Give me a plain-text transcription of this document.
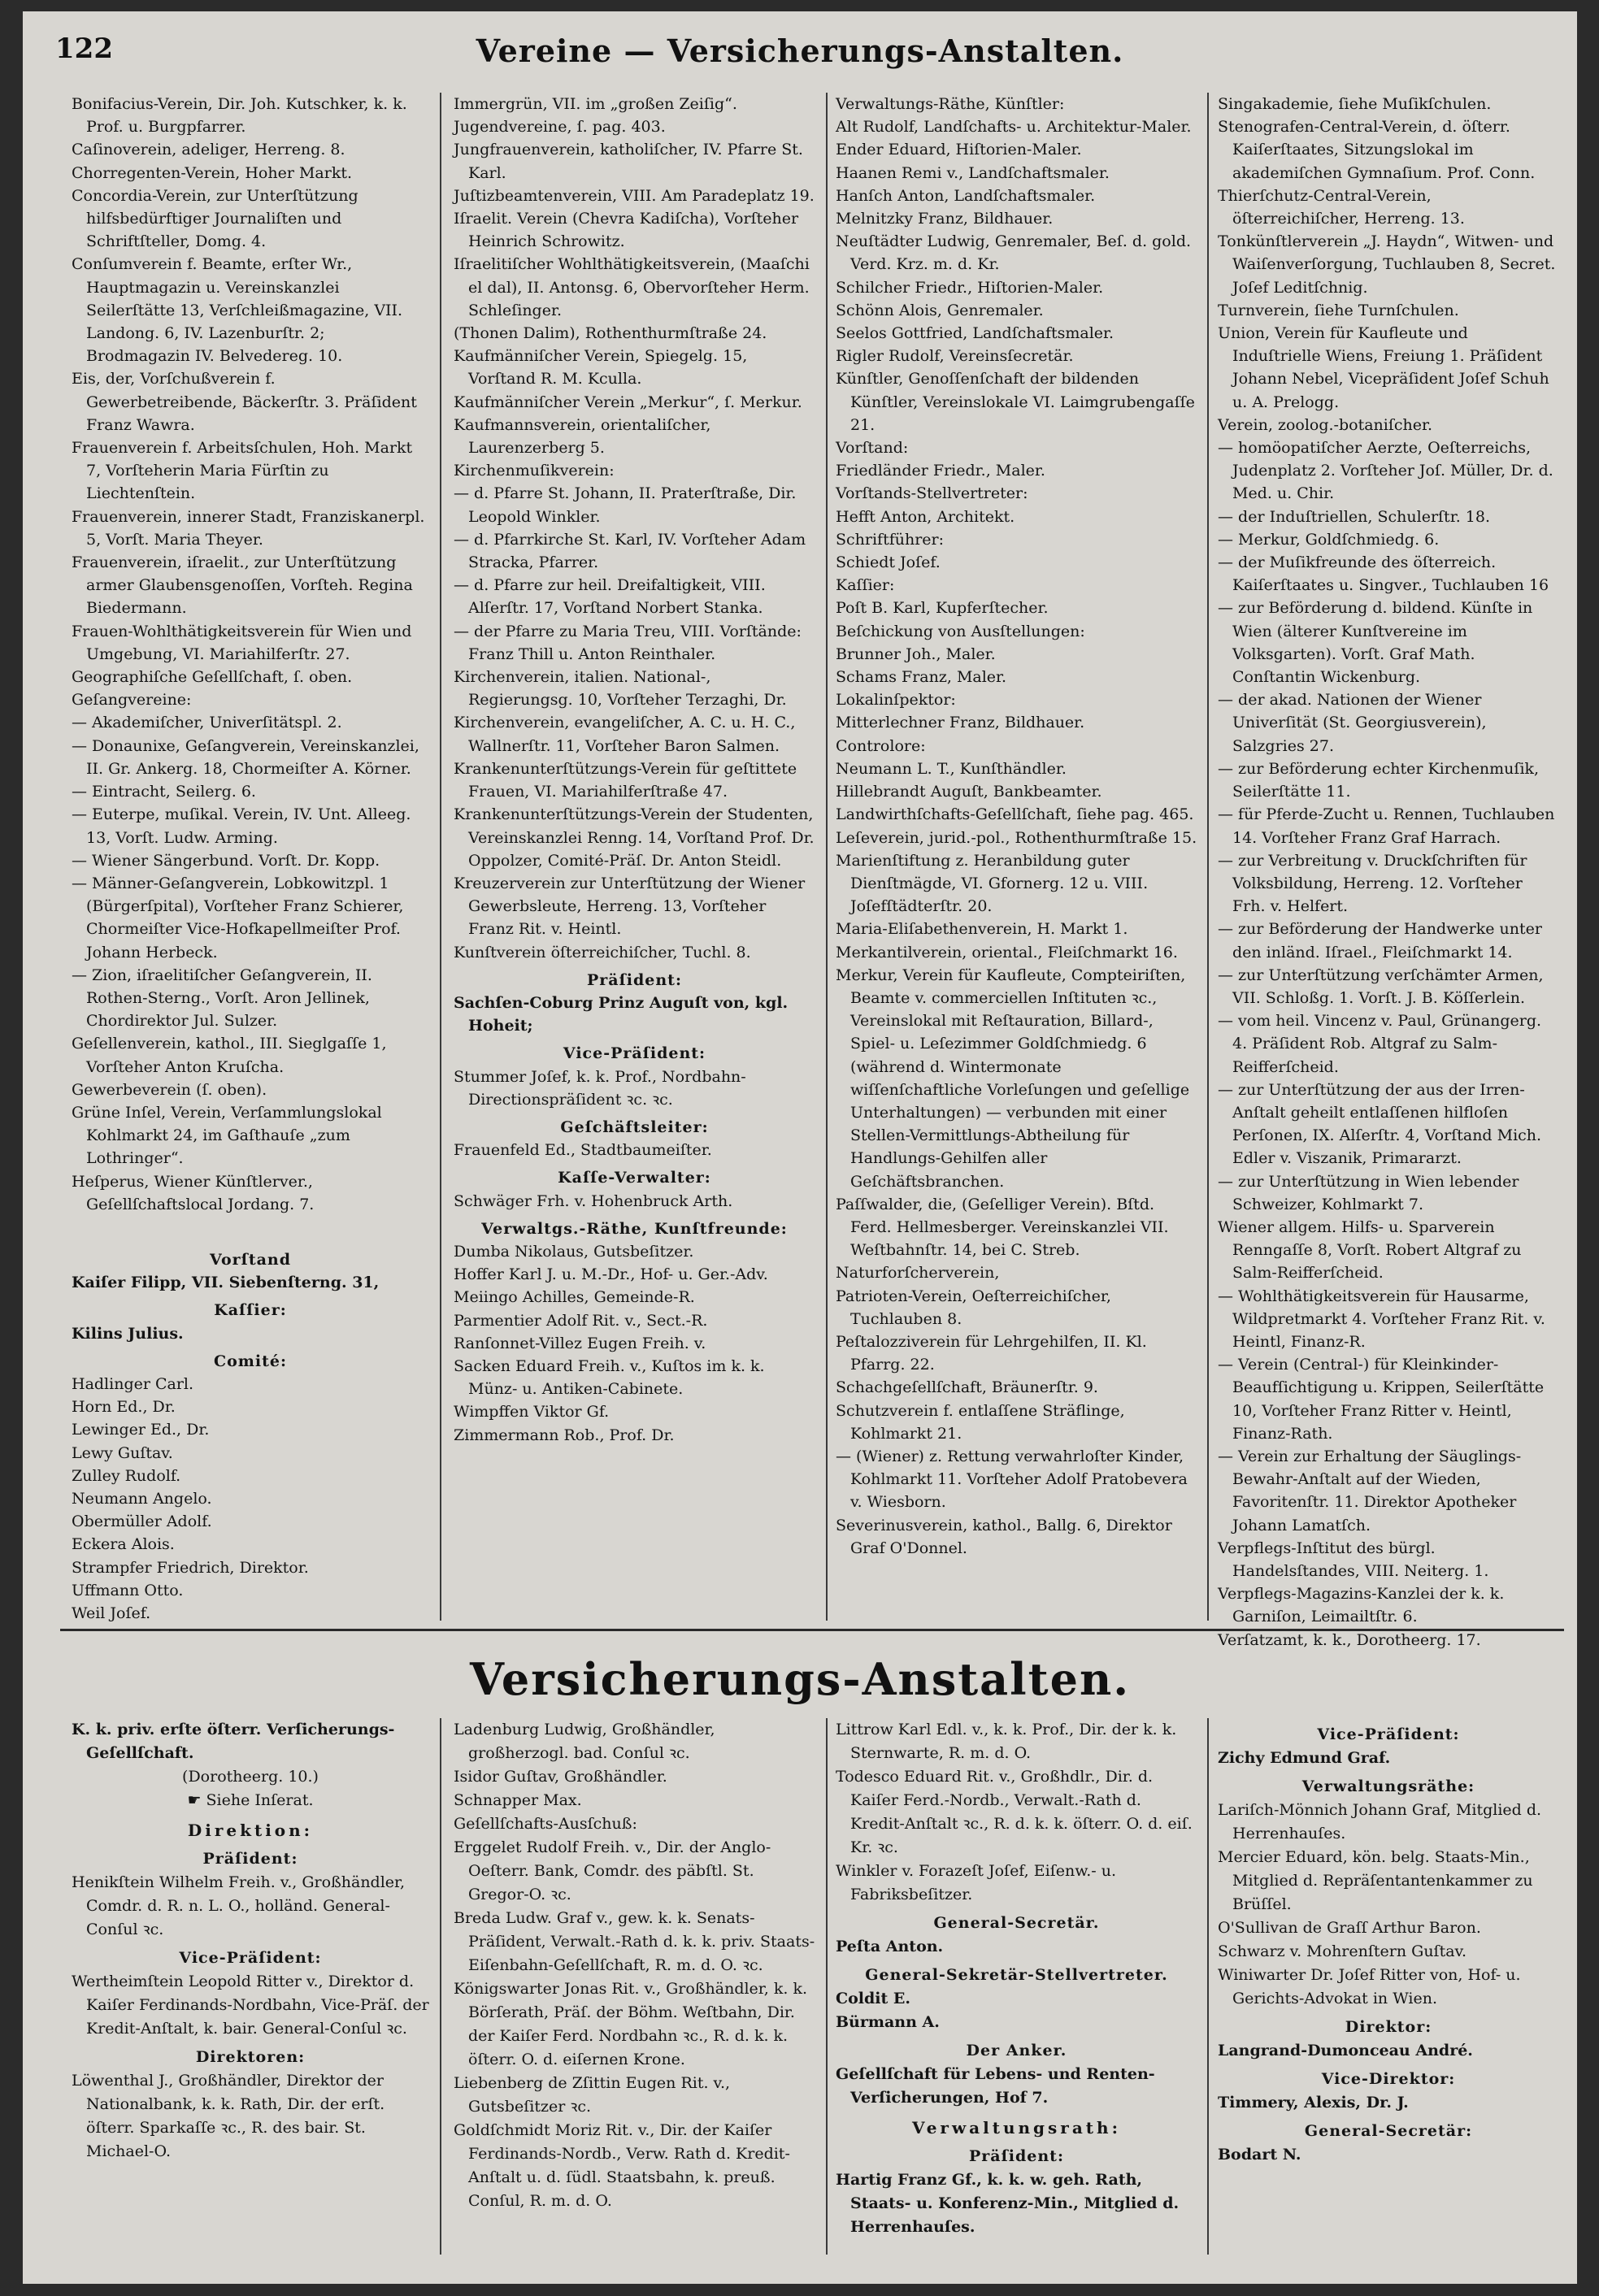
122	Vereine — Versicherungs-Anstalten.

Bonifacius-Verein, Dir. Joh. Kutschker, k. k. Prof. u. Burgpfarrer.

Caſinoverein, adeliger, Herreng. 8.

Chorregenten-Verein, Hoher Markt.

Concordia-Verein, zur Unterſtützung hilfsbedürftiger Journaliſten und Schriftſteller, Domg. 4.

Conſumverein f. Beamte, erſter Wr., Hauptmagazin u. Vereinskanzlei Seilerſtätte 13, Verſchleißmagazine, VII. Landong. 6, IV. Lazenburſtr. 2; Brodmagazin IV. Belvedereg. 10.

Eis, der, Vorſchußverein f. Gewerbetreibende, Bäckerſtr. 3. Präſident Franz Wawra.

Frauenverein f. Arbeitsſchulen, Hoh. Markt 7, Vorſteherin Maria Fürſtin zu Liechtenſtein.

Frauenverein, innerer Stadt, Franziskanerpl. 5, Vorſt. Maria Theyer.

Frauenverein, iſraelit., zur Unterſtützung armer Glaubensgenoſſen, Vorſteh. Regina Biedermann.

Frauen-Wohlthätigkeitsverein für Wien und Umgebung, VI. Mariahilferſtr. 27.

Geographiſche Geſellſchaft, ſ. oben.

Geſangvereine:

— Akademiſcher, Univerſitätspl. 2.

— Donaunixe, Geſangverein, Vereinskanzlei, II. Gr. Ankerg. 18, Chormeiſter A. Körner.

— Eintracht, Seilerg. 6.

— Euterpe, muſikal. Verein, IV. Unt. Alleeg. 13, Vorſt. Ludw. Arming.

— Wiener Sängerbund. Vorſt. Dr. Kopp.

— Männer-Geſangverein, Lobkowitzpl. 1 (Bürgerſpital), Vorſteher Franz Schierer, Chormeiſter Vice-Hofkapellmeiſter Prof. Johann Herbeck.

— Zion, iſraelitiſcher Geſangverein, II. Rothen-Sterng., Vorſt. Aron Jellinek, Chordirektor Jul. Sulzer.

Geſellenverein, kathol., III. Sieglgaſſe 1, Vorſteher Anton Kruſcha.

Gewerbeverein (ſ. oben).

Grüne Inſel, Verein, Verſammlungslokal Kohlmarkt 24, im Gaſthauſe „zum Lothringer“.

Heſperus, Wiener Künſtlerver., Geſellſchaftslocal Jordang. 7.

Vorſtand

Kaiſer Filipp, VII. Siebenſterng. 31,

Kaſſier:

Kilins Julius.

Comité:

Hadlinger Carl.

Horn Ed., Dr.

Lewinger Ed., Dr.

Lewy Guſtav.

Zulley Rudolf.

Neumann Angelo.

Obermüller Adolf.

Eckera Alois.

Strampfer Friedrich, Direktor.

Uffmann Otto.

Weil Joſef.

Immergrün, VII. im „großen Zeiſig“.

Jugendvereine, ſ. pag. 403.

Jungfrauenverein, katholiſcher, IV. Pfarre St. Karl.

Juſtizbeamtenverein, VIII. Am Paradeplatz 19.

Iſraelit. Verein (Chevra Kadiſcha), Vorſteher Heinrich Schrowitz.

Iſraelitiſcher Wohlthätigkeitsverein, (Maaſchi el dal), II. Antonsg. 6, Obervorſteher Herm. Schleſinger.

(Thonen Dalim), Rothenthurmſtraße 24.

Kaufmänniſcher Verein, Spiegelg. 15, Vorſtand R. M. Kculla.

Kaufmänniſcher Verein „Merkur“, ſ. Merkur.

Kaufmannsverein, orientaliſcher, Laurenzerberg 5.

Kirchenmuſikverein:

— d. Pfarre St. Johann, II. Praterſtraße, Dir. Leopold Winkler.

— d. Pfarrkirche St. Karl, IV. Vorſteher Adam Stracka, Pfarrer.

— d. Pfarre zur heil. Dreifaltigkeit, VIII. Alſerſtr. 17, Vorſtand Norbert Stanka.

— der Pfarre zu Maria Treu, VIII. Vorſtände: Franz Thill u. Anton Reinthaler.

Kirchenverein, italien. National-, Regierungsg. 10, Vorſteher Terzaghi, Dr.

Kirchenverein, evangeliſcher, A. C. u. H. C., Wallnerſtr. 11, Vorſteher Baron Salmen.

Krankenunterſtützungs-Verein für geſtittete Frauen, VI. Mariahilferſtraße 47.

Krankenunterſtützungs-Verein der Studenten, Vereinskanzlei Renng. 14, Vorſtand Prof. Dr. Oppolzer, Comité-Präſ. Dr. Anton Steidl.

Kreuzerverein zur Unterſtützung der Wiener Gewerbsleute, Herreng. 13, Vorſteher Franz Rit. v. Heintl.

Kunſtverein öſterreichiſcher, Tuchl. 8.

Präſident:

Sachſen-Coburg Prinz Auguſt von, kgl. Hoheit;

Vice-Präſident:

Stummer Joſef, k. k. Prof., Nordbahn-Directionspräſident ꝛc. ꝛc.

Geſchäftsleiter:

Frauenfeld Ed., Stadtbaumeiſter.

Kaſſe-Verwalter:

Schwäger Frh. v. Hohenbruck Arth.

Verwaltgs.-Räthe, Kunſtfreunde:

Dumba Nikolaus, Gutsbeſitzer.

Hoffer Karl J. u. M.-Dr., Hof- u. Ger.-Adv.

Meiingo Achilles, Gemeinde-R.

Parmentier Adolf Rit. v., Sect.-R.

Ranſonnet-Villez Eugen Freih. v.

Sacken Eduard Freih. v., Kuſtos im k. k. Münz- u. Antiken-Cabinete.

Wimpffen Viktor Gf.

Zimmermann Rob., Prof. Dr.

Verwaltungs-Räthe, Künſtler:

Alt Rudolf, Landſchafts- u. Architektur-Maler.

Ender Eduard, Hiſtorien-Maler.

Haanen Remi v., Landſchaftsmaler.

Hanſch Anton, Landſchaftsmaler.

Melnitzky Franz, Bildhauer.

Neuſtädter Ludwig, Genremaler, Beſ. d. gold. Verd. Krz. m. d. Kr.

Schilcher Friedr., Hiſtorien-Maler.

Schönn Alois, Genremaler.

Seelos Gottfried, Landſchaftsmaler.

Rigler Rudolf, Vereinsſecretär.

Künſtler, Genoſſenſchaft der bildenden Künſtler, Vereinslokale VI. Laimgrubengaſſe 21.

Vorſtand:

Friedländer Friedr., Maler.

Vorſtands-Stellvertreter:

Hefft Anton, Architekt.

Schriftführer:

Schiedt Joſef.

Kaſſier:

Poſt B. Karl, Kupferſtecher.

Beſchickung von Ausſtellungen:

Brunner Joh., Maler.

Schams Franz, Maler.

Lokalinſpektor:

Mitterlechner Franz, Bildhauer.

Controlore:

Neumann L. T., Kunſthändler.

Hillebrandt Auguſt, Bankbeamter.

Landwirthſchafts-Geſellſchaft, ſiehe pag. 465.

Leſeverein, jurid.-pol., Rothenthurmſtraße 15.

Marienſtiftung z. Heranbildung guter Dienſtmägde, VI. Gfornerg. 12 u. VIII. Joſefſtädterſtr. 20.

Maria-Eliſabethenverein, H. Markt 1.

Merkantilverein, oriental., Fleiſchmarkt 16.

Merkur, Verein für Kaufleute, Compteiriſten, Beamte v. commerciellen Inſtituten ꝛc., Vereinslokal mit Reſtauration, Billard-, Spiel- u. Leſezimmer Goldſchmiedg. 6 (während d. Wintermonate wiſſenſchaftliche Vorleſungen und geſellige Unterhaltungen) — verbunden mit einer Stellen-Vermittlungs-Abtheilung für Handlungs-Gehilfen aller Geſchäftsbranchen.

Paſſwalder, die, (Geſelliger Verein). Bſtd. Ferd. Hellmesberger. Vereinskanzlei VII. Weſtbahnſtr. 14, bei C. Streb.

Naturforſcherverein,

Patrioten-Verein, Oeſterreichiſcher, Tuchlauben 8.

Peſtalozziverein für Lehrgehilfen, II. Kl. Pfarrg. 22.

Schachgeſellſchaft, Bräunerſtr. 9.

Schutzverein f. entlaſſene Sträflinge, Kohlmarkt 21.

— (Wiener) z. Rettung verwahrloſter Kinder, Kohlmarkt 11. Vorſteher Adolf Pratobevera v. Wiesborn.

Severinusverein, kathol., Ballg. 6, Direktor Graf O'Donnel.

Singakademie, ſiehe Muſikſchulen.

Stenografen-Central-Verein, d. öſterr. Kaiſerſtaates, Sitzungslokal im akademiſchen Gymnaſium. Prof. Conn.

Thierſchutz-Central-Verein, öſterreichiſcher, Herreng. 13.

Tonkünſtlerverein „J. Haydn“, Witwen- und Waiſenverſorgung, Tuchlauben 8, Secret. Joſef Leditſchnig.

Turnverein, ſiehe Turnſchulen.

Union, Verein für Kaufleute und Induſtrielle Wiens, Freiung 1. Präſident Johann Nebel, Vicepräſident Joſef Schuh u. A. Prelogg.

Verein, zoolog.-botaniſcher.

— homöopatiſcher Aerzte, Oeſterreichs, Judenplatz 2. Vorſteher Joſ. Müller, Dr. d. Med. u. Chir.

— der Induſtriellen, Schulerſtr. 18.

— Merkur, Goldſchmiedg. 6.

— der Muſikfreunde des öſterreich. Kaiſerſtaates u. Singver., Tuchlauben 16

— zur Beförderung d. bildend. Künſte in Wien (älterer Kunſtvereine im Volksgarten). Vorſt. Graf Math. Conſtantin Wickenburg.

— der akad. Nationen der Wiener Univerſität (St. Georgiusverein), Salzgries 27.

— zur Beförderung echter Kirchenmuſik, Seilerſtätte 11.

— für Pferde-Zucht u. Rennen, Tuchlauben 14. Vorſteher Franz Graf Harrach.

— zur Verbreitung v. Druckſchriften für Volksbildung, Herreng. 12. Vorſteher Frh. v. Helfert.

— zur Beförderung der Handwerke unter den inländ. Iſrael., Fleiſchmarkt 14.

— zur Unterſtützung verſchämter Armen, VII. Schloßg. 1. Vorſt. J. B. Köſſerlein.

— vom heil. Vincenz v. Paul, Grünangerg. 4. Präſident Rob. Altgraf zu Salm-Reifferſcheid.

— zur Unterſtützung der aus der Irren-Anſtalt geheilt entlaſſenen hilfloſen Perſonen, IX. Alſerſtr. 4, Vorſtand Mich. Edler v. Viszanik, Primararzt.

— zur Unterſtützung in Wien lebender Schweizer, Kohlmarkt 7.

Wiener allgem. Hilfs- u. Sparverein Renngaſſe 8, Vorſt. Robert Altgraf zu Salm-Reifferſcheid.

— Wohlthätigkeitsverein für Hausarme, Wildpretmarkt 4. Vorſteher Franz Rit. v. Heintl, Finanz-R.

— Verein (Central-) für Kleinkinder-Beaufſichtigung u. Krippen, Seilerſtätte 10, Vorſteher Franz Ritter v. Heintl, Finanz-Rath.

— Verein zur Erhaltung der Säuglings-Bewahr-Anſtalt auf der Wieden, Favoritenſtr. 11. Direktor Apotheker Johann Lamatſch.

Verpflegs-Inſtitut des bürgl. Handelsſtandes, VIII. Neiterg. 1.

Verpflegs-Magazins-Kanzlei der k. k. Garniſon, Leimailtſtr. 6.

Verſatzamt, k. k., Dorotheerg. 17.

Versicherungs-Anstalten.

K. k. priv. erſte öſterr. Verſicherungs-Geſellſchaft.

(Dorotheerg. 10.)

☛ Siehe Inſerat.

Direktion:

Präſident:

Henikſtein Wilhelm Freih. v., Großhändler, Comdr. d. R. n. L. O., holländ. General-Conſul ꝛc.

Vice-Präſident:

Wertheimſtein Leopold Ritter v., Direktor d. Kaiſer Ferdinands-Nordbahn, Vice-Präſ. der Kredit-Anſtalt, k. bair. General-Conſul ꝛc.

Direktoren:

Löwenthal J., Großhändler, Direktor der Nationalbank, k. k. Rath, Dir. der erſt. öſterr. Sparkaſſe ꝛc., R. des bair. St. Michael-O.

Ladenburg Ludwig, Großhändler, großherzogl. bad. Conſul ꝛc.

Isidor Guſtav, Großhändler.

Schnapper Max.

Geſellſchafts-Ausſchuß:

Erggelet Rudolf Freih. v., Dir. der Anglo-Oeſterr. Bank, Comdr. des päbſtl. St. Gregor-O. ꝛc.

Breda Ludw. Graf v., gew. k. k. Senats-Präſident, Verwalt.-Rath d. k. k. priv. Staats-Eiſenbahn-Geſellſchaft, R. m. d. O. ꝛc.

Königswarter Jonas Rit. v., Großhändler, k. k. Börſerath, Präſ. der Böhm. Weſtbahn, Dir. der Kaiſer Ferd. Nordbahn ꝛc., R. d. k. k. öſterr. O. d. eiſernen Krone.

Liebenberg de Zſittin Eugen Rit. v., Gutsbeſitzer ꝛc.

Goldſchmidt Moriz Rit. v., Dir. der Kaiſer Ferdinands-Nordb., Verw. Rath d. Kredit-Anſtalt u. d. ſüdl. Staatsbahn, k. preuß. Conſul, R. m. d. O.

Littrow Karl Edl. v., k. k. Prof., Dir. der k. k. Sternwarte, R. m. d. O.

Todesco Eduard Rit. v., Großhdlr., Dir. d. Kaiſer Ferd.-Nordb., Verwalt.-Rath d. Kredit-Anſtalt ꝛc., R. d. k. k. öſterr. O. d. eiſ. Kr. ꝛc.

Winkler v. Forazeſt Joſef, Eiſenw.- u. Fabriksbeſitzer.

General-Secretär.

Peſta Anton.

General-Sekretär-Stellvertreter.

Coldit E.

Bürmann A.

Der Anker.

Geſellſchaft für Lebens- und Renten-Verſicherungen, Hof 7.

Verwaltungsrath:

Präſident:

Hartig Franz Gf., k. k. w. geh. Rath, Staats- u. Konferenz-Min., Mitglied d. Herrenhauſes.

Vice-Präſident:

Zichy Edmund Graf.

Verwaltungsräthe:

Lariſch-Mönnich Johann Graf, Mitglied d. Herrenhauſes.

Mercier Eduard, kön. belg. Staats-Min., Mitglied d. Repräſentantenkammer zu Brüſſel.

O'Sullivan de Graſſ Arthur Baron.

Schwarz v. Mohrenſtern Guſtav.

Winiwarter Dr. Joſef Ritter von, Hof- u. Gerichts-Advokat in Wien.

Direktor:

Langrand-Dumonceau André.

Vice-Direktor:

Timmery, Alexis, Dr. J.

General-Secretär:

Bodart N.
